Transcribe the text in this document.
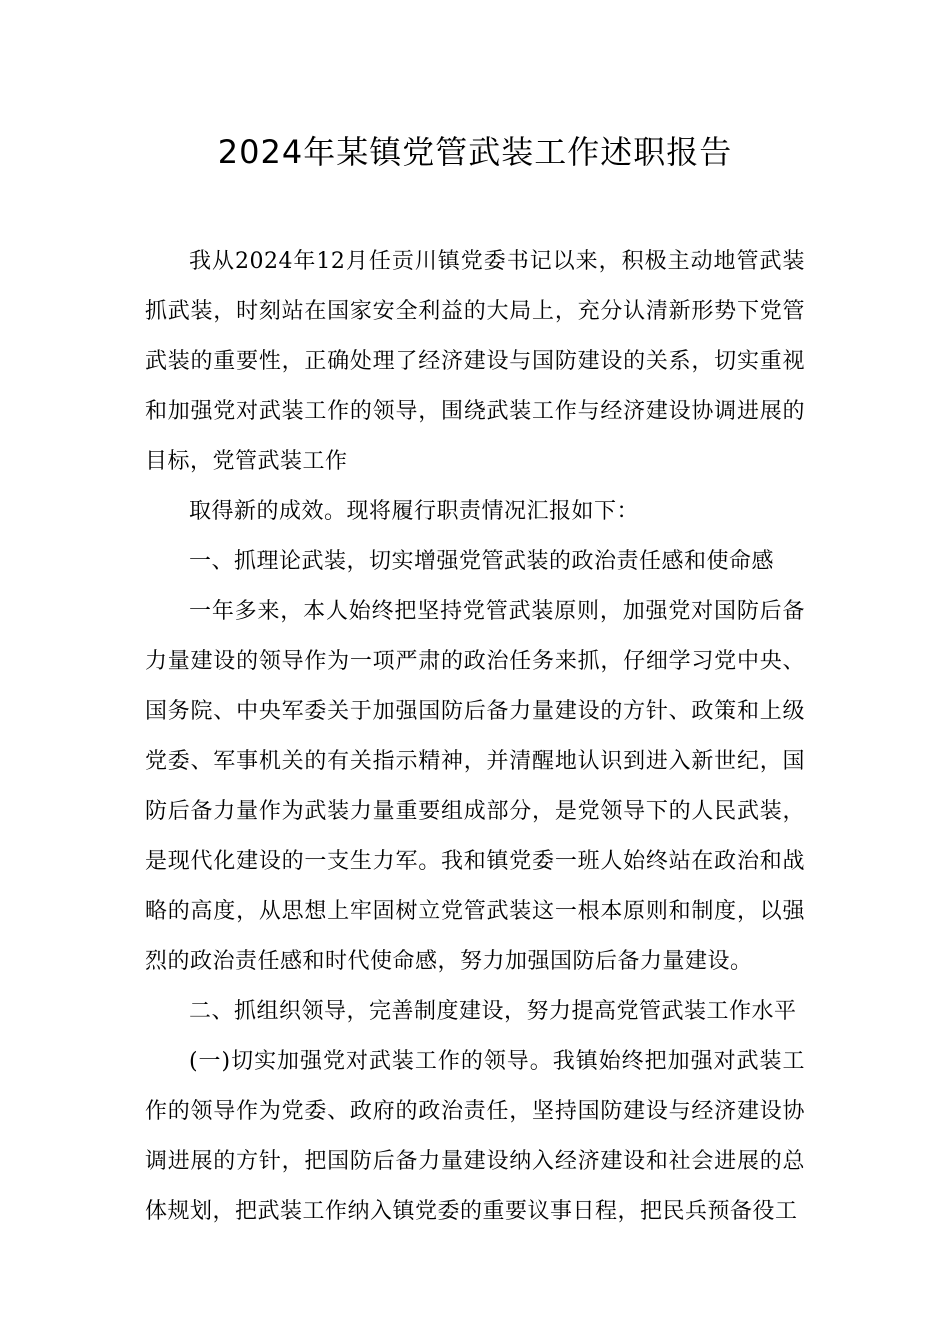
2024年某镇党管武装工作述职报告

我从2024年12月任贡川镇党委书记以来，积极主动地管武装抓武装，时刻站在国家安全利益的大局上，充分认清新形势下党管武装的重要性，正确处理了经济建设与国防建设的关系，切实重视和加强党对武装工作的领导，围绕武装工作与经济建设协调进展的目标，党管武装工作

取得新的成效。现将履行职责情况汇报如下：

一、抓理论武装，切实增强党管武装的政治责任感和使命感

一年多来，本人始终把坚持党管武装原则，加强党对国防后备力量建设的领导作为一项严肃的政治任务来抓，仔细学习党中央、国务院、中央军委关于加强国防后备力量建设的方针、政策和上级党委、军事机关的有关指示精神，并清醒地认识到进入新世纪，国防后备力量作为武装力量重要组成部分，是党领导下的人民武装，是现代化建设的一支生力军。我和镇党委一班人始终站在政治和战略的高度，从思想上牢固树立党管武装这一根本原则和制度，以强烈的政治责任感和时代使命感，努力加强国防后备力量建设。

二、抓组织领导，完善制度建设，努力提高党管武装工作水平

(一)切实加强党对武装工作的领导。我镇始终把加强对武装工作的领导作为党委、政府的政治责任，坚持国防建设与经济建设协调进展的方针，把国防后备力量建设纳入经济建设和社会进展的总体规划，把武装工作纳入镇党委的重要议事日程，把民兵预备役工
